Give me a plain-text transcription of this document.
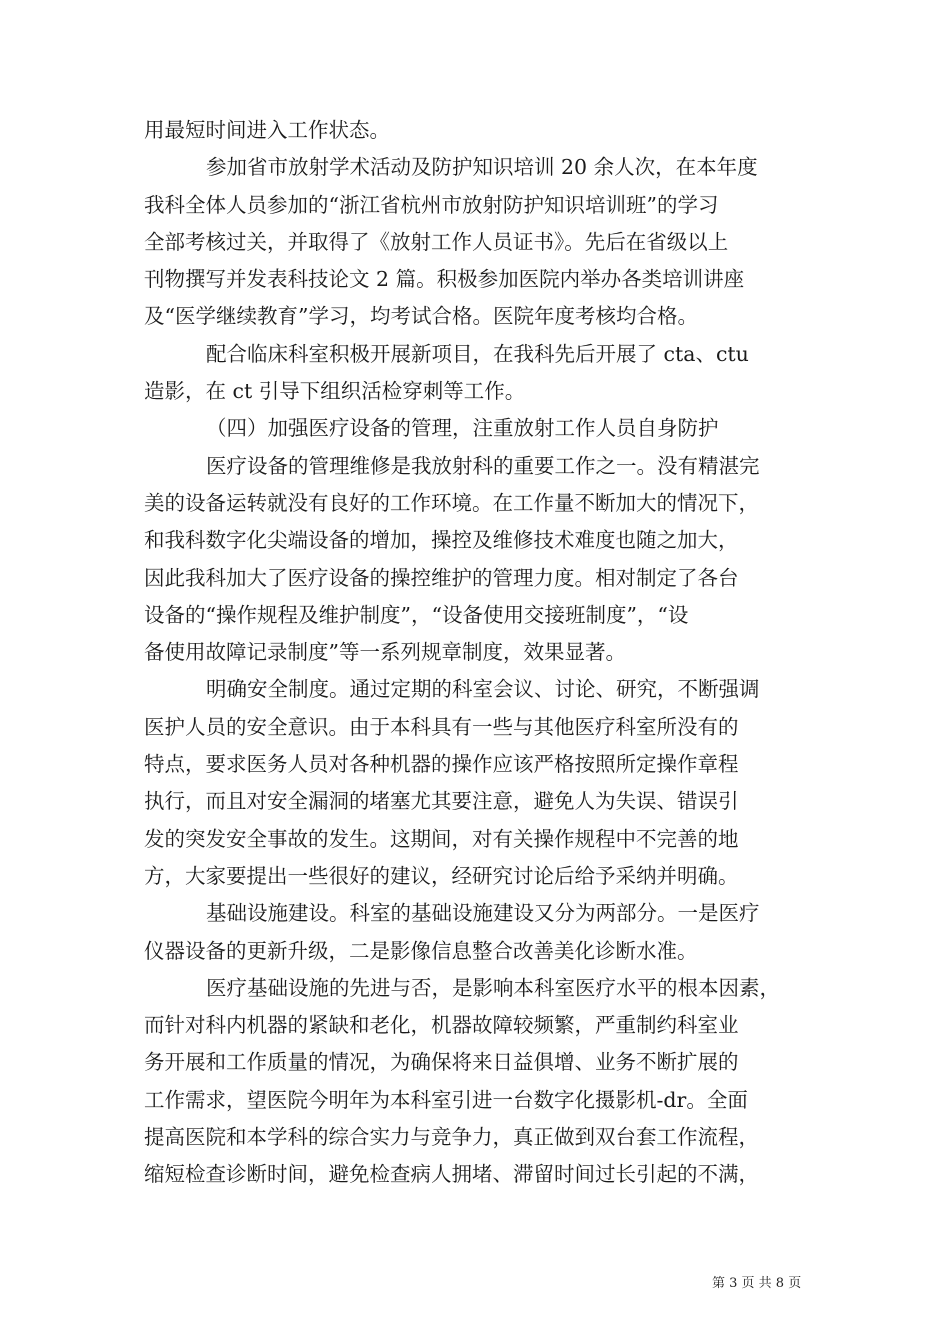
用最短时间进入工作状态。
参加省市放射学术活动及防护知识培训 20 余人次，在本年度
我科全体人员参加的“浙江省杭州市放射防护知识培训班”的学习
全部考核过关，并取得了《放射工作人员证书》。先后在省级以上
刊物撰写并发表科技论文 2 篇。积极参加医院内举办各类培训讲座
及“医学继续教育”学习，均考试合格。医院年度考核均合格。
配合临床科室积极开展新项目，在我科先后开展了 cta、ctu
造影，在 ct 引导下组织活检穿刺等工作。
（四）加强医疗设备的管理，注重放射工作人员自身防护
医疗设备的管理维修是我放射科的重要工作之一。没有精湛完
美的设备运转就没有良好的工作环境。在工作量不断加大的情况下，
和我科数字化尖端设备的增加，操控及维修技术难度也随之加大，
因此我科加大了医疗设备的操控维护的管理力度。相对制定了各台
设备的“操作规程及维护制度”，“设备使用交接班制度”，“设
备使用故障记录制度”等一系列规章制度，效果显著。
明确安全制度。通过定期的科室会议、讨论、研究，不断强调
医护人员的安全意识。由于本科具有一些与其他医疗科室所没有的
特点，要求医务人员对各种机器的操作应该严格按照所定操作章程
执行，而且对安全漏洞的堵塞尤其要注意，避免人为失误、错误引
发的突发安全事故的发生。这期间，对有关操作规程中不完善的地
方，大家要提出一些很好的建议，经研究讨论后给予采纳并明确。
基础设施建设。科室的基础设施建设又分为两部分。一是医疗
仪器设备的更新升级，二是影像信息整合改善美化诊断水准。
医疗基础设施的先进与否，是影响本科室医疗水平的根本因素，
而针对科内机器的紧缺和老化，机器故障较频繁，严重制约科室业
务开展和工作质量的情况，为确保将来日益俱增、业务不断扩展的
工作需求，望医院今明年为本科室引进一台数字化摄影机-dr。全面
提高医院和本学科的综合实力与竞争力，真正做到双台套工作流程，
缩短检查诊断时间，避免检查病人拥堵、滞留时间过长引起的不满，
第 3 页 共 8 页
